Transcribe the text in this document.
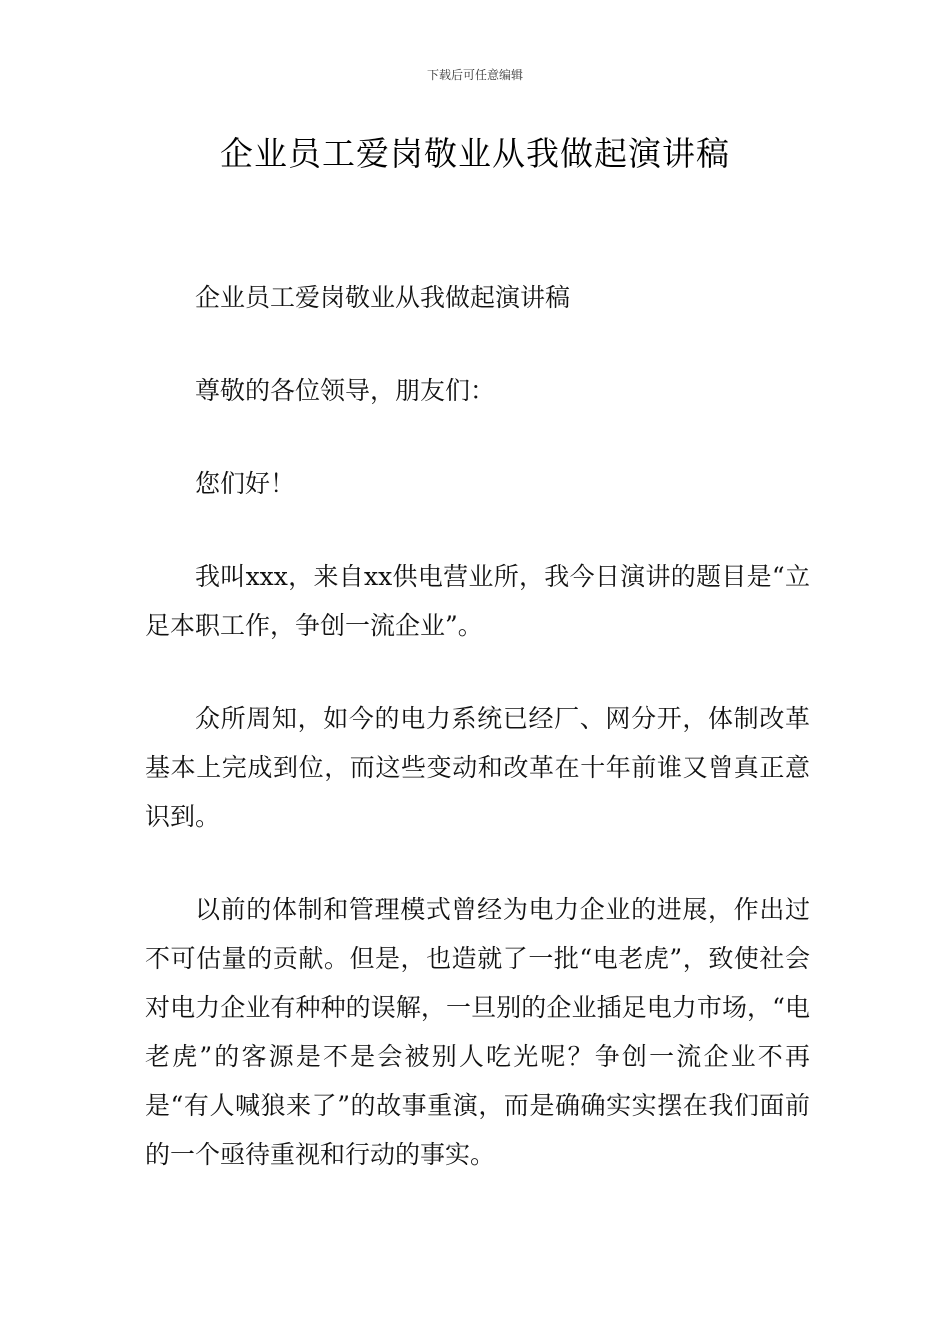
下载后可任意编辑
企业员工爱岗敬业从我做起演讲稿

企业员工爱岗敬业从我做起演讲稿

尊敬的各位领导，朋友们：

您们好！

我叫xxx，来自xx供电营业所，我今日演讲的题目是“立足本职工作，争创一流企业”。

众所周知，如今的电力系统已经厂、网分开，体制改革基本上完成到位，而这些变动和改革在十年前谁又曾真正意识到。

以前的体制和管理模式曾经为电力企业的进展，作出过不可估量的贡献。但是，也造就了一批“电老虎”，致使社会对电力企业有种种的误解，一旦别的企业插足电力市场，“电老虎”的客源是不是会被别人吃光呢？争创一流企业不再是“有人喊狼来了”的故事重演，而是确确实实摆在我们面前的一个亟待重视和行动的事实。
